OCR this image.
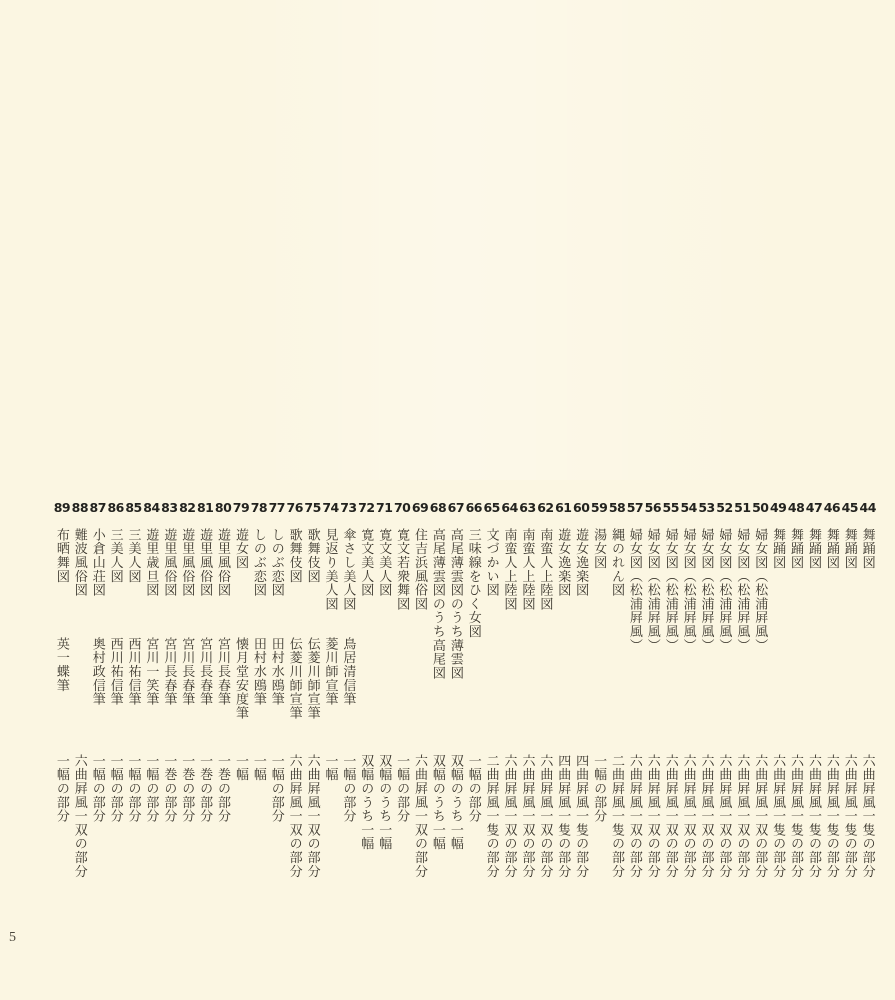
44
舞踊図
六曲屛風一隻の部分
45
舞踊図
六曲屛風一隻の部分
46
舞踊図
六曲屛風一隻の部分
47
舞踊図
六曲屛風一隻の部分
48
舞踊図
六曲屛風一隻の部分
49
舞踊図
六曲屛風一隻の部分
50
婦女図（松浦屛風）
六曲屛風一双の部分
51
婦女図（松浦屛風）
六曲屛風一双の部分
52
婦女図（松浦屛風）
六曲屛風一双の部分
53
婦女図（松浦屛風）
六曲屛風一双の部分
54
婦女図（松浦屛風）
六曲屛風一双の部分
55
婦女図（松浦屛風）
六曲屛風一双の部分
56
婦女図（松浦屛風）
六曲屛風一双の部分
57
婦女図（松浦屛風）
六曲屛風一双の部分
58
縄のれん図
二曲屛風一隻の部分
59
湯女図
一幅の部分
60
遊女逸楽図
四曲屛風一隻の部分
61
遊女逸楽図
四曲屛風一隻の部分
62
南蛮人上陸図
六曲屛風一双の部分
63
南蛮人上陸図
六曲屛風一双の部分
64
南蛮人上陸図
六曲屛風一双の部分
65
文づかい図
二曲屛風一隻の部分
66
三味線をひく女図
一幅の部分
67
高尾薄雲図のうち薄雲図
双幅のうち一幅
68
高尾薄雲図のうち高尾図
双幅のうち一幅
69
住吉浜風俗図
六曲屛風一双の部分
70
寛文若衆舞図
一幅の部分
71
寛文美人図
双幅のうち一幅
72
寛文美人図
双幅のうち一幅
73
傘さし美人図
鳥居清信筆
一幅の部分
74
見返り美人図
菱川師宣筆
一幅
75
歌舞伎図
伝菱川師宣筆
六曲屛風一双の部分
76
歌舞伎図
伝菱川師宣筆
六曲屛風一双の部分
77
しのぶ恋図
田村水鴎筆
一幅の部分
78
しのぶ恋図
田村水鴎筆
一幅
79
遊女図
懐月堂安度筆
一幅
80
遊里風俗図
宮川長春筆
一巻の部分
81
遊里風俗図
宮川長春筆
一巻の部分
82
遊里風俗図
宮川長春筆
一巻の部分
83
遊里風俗図
宮川長春筆
一巻の部分
84
遊里歳旦図
宮川一笑筆
一幅の部分
85
三美人図
西川祐信筆
一幅の部分
86
三美人図
西川祐信筆
一幅の部分
87
小倉山荘図
奥村政信筆
一幅の部分
88
難波風俗図
六曲屛風一双の部分
89
布晒舞図
英一蝶筆
一幅の部分
5
